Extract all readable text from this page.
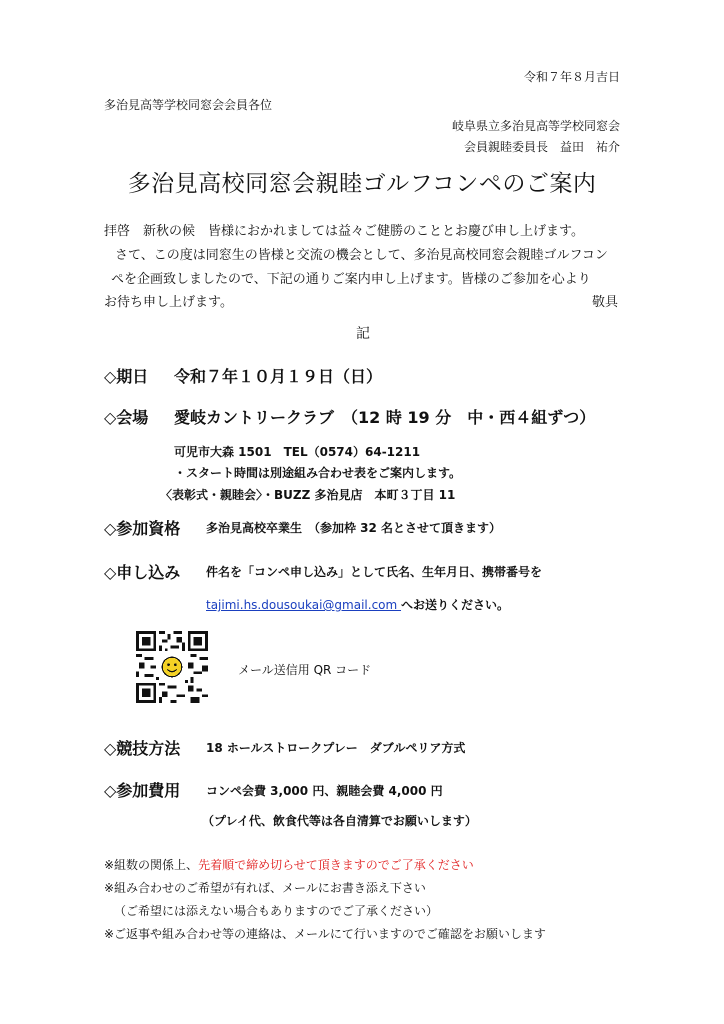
令和７年８月吉日
多治見高等学校同窓会会員各位
岐阜県立多治見高等学校同窓会
会員親睦委員長　益田　祐介
多治見高校同窓会親睦ゴルフコンペのご案内
拝啓　新秋の候　皆様におかれましては益々ご健勝のこととお慶び申し上げます。
さて、この度は同窓生の皆様と交流の機会として、多治見高校同窓会親睦ゴルフコン
ペを企画致しましたので、下記の通りご案内申し上げます。皆様のご参加を心より
お待ち申し上げます。	敬具
記
◇期日 令和７年１０月１９日（日）
◇会場 愛岐カントリークラブ　（12 時 19 分　中・西４組ずつ）
可児市大森 1501　TEL（0574）64-1211
・スタート時間は別途組み合わせ表をご案内します。
〈表彰式・親睦会〉・BUZZ 多治見店　本町３丁目 11
◇参加資格 多治見高校卒業生　（参加枠 32 名とさせて頂きます）
◇申し込み 件名を「コンペ申し込み」として氏名、生年月日、携帯番号を
tajimi.hs.dousoukai@gmail.com へお送りください。
メール送信用 QR コード
◇競技方法 18 ホールストロークプレー　ダブルペリア方式
◇参加費用 コンペ会費 3,000 円、親睦会費 4,000 円
（プレイ代、飲食代等は各自清算でお願いします）
※組数の関係上、先着順で締め切らせて頂きますのでご了承ください
※組み合わせのご希望が有れば、メールにお書き添え下さい
（ご希望には添えない場合もありますのでご了承ください）
※ご返事や組み合わせ等の連絡は、メールにて行いますのでご確認をお願いします
